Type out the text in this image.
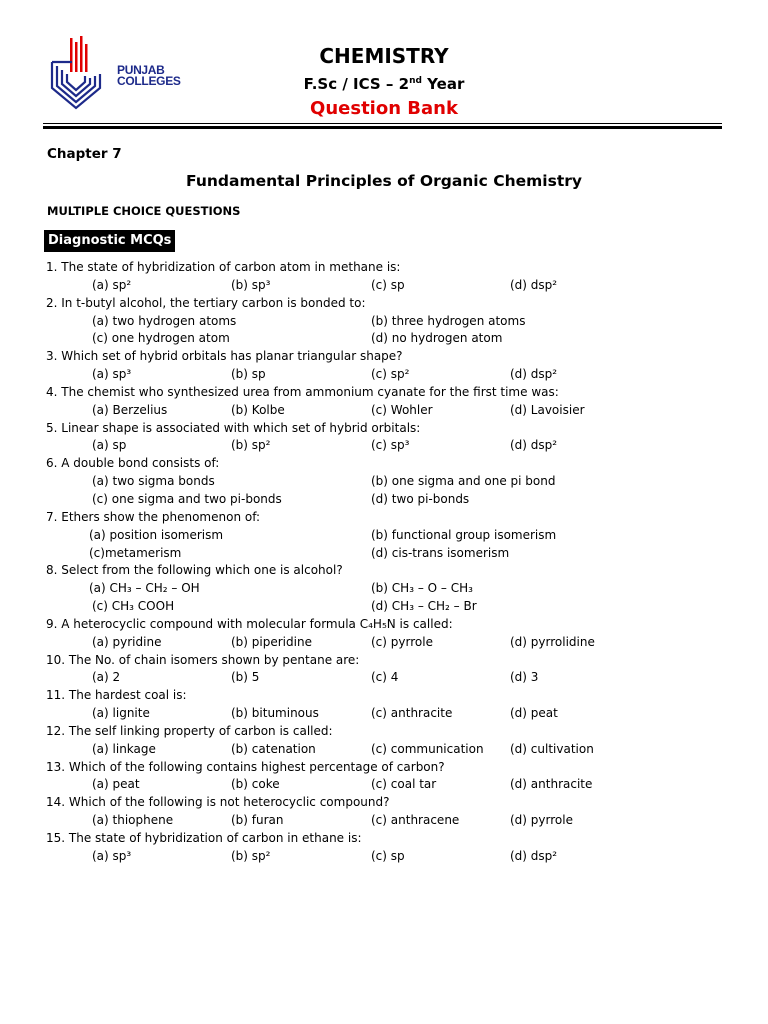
PUNJAB
COLLEGES
CHEMISTRY
F.Sc / ICS – 2nd Year
Question Bank
Chapter 7
Fundamental Principles of Organic Chemistry
MULTIPLE CHOICE QUESTIONS
Diagnostic MCQs
1. The state of hybridization of carbon atom in methane is:
(a) sp²	(b) sp³	(c) sp	(d) dsp²
2. In t-butyl alcohol, the tertiary carbon is bonded to:
(a) two hydrogen atoms	(b) three hydrogen atoms
(c) one hydrogen atom	(d) no hydrogen atom
3. Which set of hybrid orbitals has planar triangular shape?
(a) sp³	(b) sp	(c) sp²	(d) dsp²
4. The chemist who synthesized urea from ammonium cyanate for the first time was:
(a) Berzelius	(b) Kolbe	(c) Wohler	(d) Lavoisier
5. Linear shape is associated with which set of hybrid orbitals:
(a) sp	(b) sp²	(c) sp³	(d) dsp²
6. A double bond consists of:
(a) two sigma bonds	(b) one sigma and one pi bond
(c) one sigma and two pi-bonds	(d) two pi-bonds
7. Ethers show the phenomenon of:
(a) position isomerism	(b) functional group isomerism
(c)metamerism	(d) cis-trans isomerism
8. Select from the following which one is alcohol?
(a) CH₃ – CH₂ – OH	(b) CH₃ – O – CH₃
(c) CH₃ COOH	(d) CH₃ – CH₂ – Br
9. A heterocyclic compound with molecular formula C₄H₅N is called:
(a) pyridine	(b) piperidine	(c) pyrrole	(d) pyrrolidine
10. The No. of chain isomers shown by pentane are:
(a) 2	(b) 5	(c) 4	(d) 3
11. The hardest coal is:
(a) lignite	(b) bituminous	(c) anthracite	(d) peat
12. The self linking property of carbon is called:
(a) linkage	(b) catenation	(c) communication (d) cultivation
13. Which of the following contains highest percentage of carbon?
(a) peat	(b) coke	(c) coal tar	(d) anthracite
14. Which of the following is not heterocyclic compound?
(a) thiophene	(b) furan	(c) anthracene	(d) pyrrole
15. The state of hybridization of carbon in ethane is:
(a) sp³	(b) sp²	(c) sp	(d) dsp²
